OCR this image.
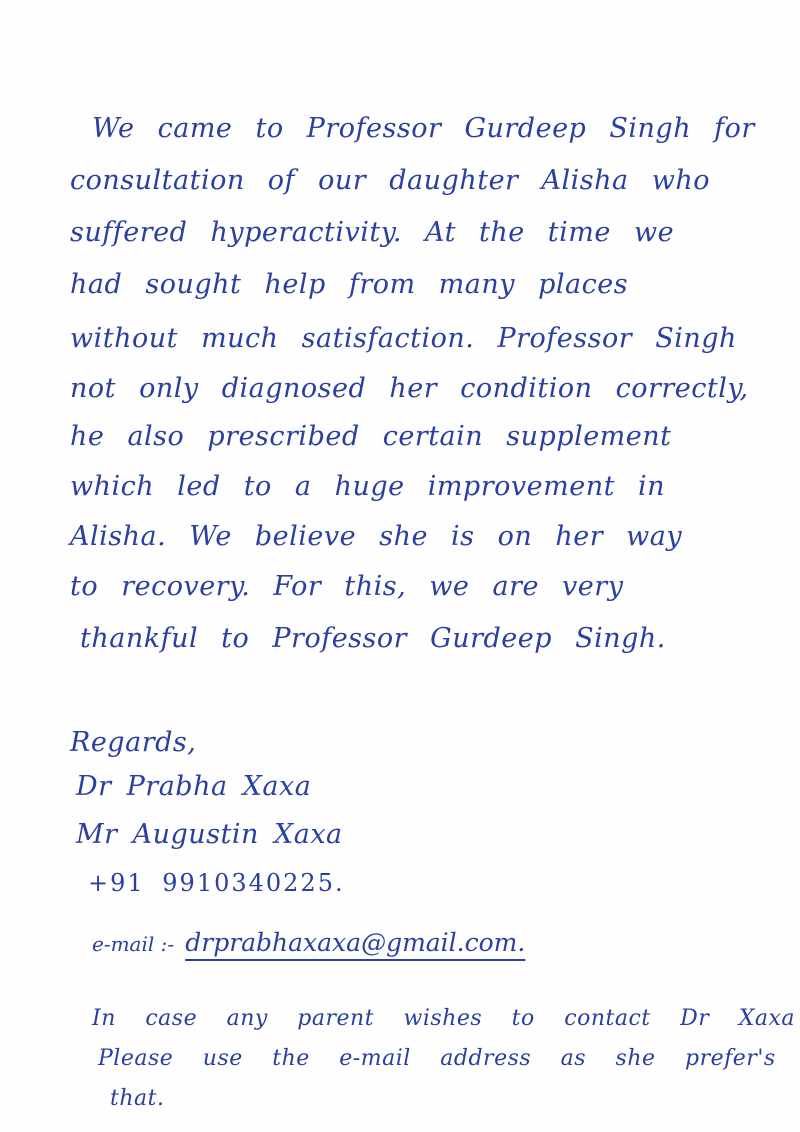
We came to Professor Gurdeep Singh for
consultation of our daughter Alisha who
suffered hyperactivity. At the time we
had sought help from many places
without much satisfaction. Professor Singh
not only diagnosed her condition correctly,
he also prescribed certain supplement
which led to a huge improvement in
Alisha. We believe she is on her way
to recovery. For this, we are very
thankful to Professor Gurdeep Singh.
Regards,
Dr Prabha Xaxa
Mr Augustin Xaxa
+91 9910340225.
e-mail :- drprabhaxaxa@gmail.com.
In case any parent wishes to contact Dr Xaxa
Please use the e-mail address as she prefer's
that.
